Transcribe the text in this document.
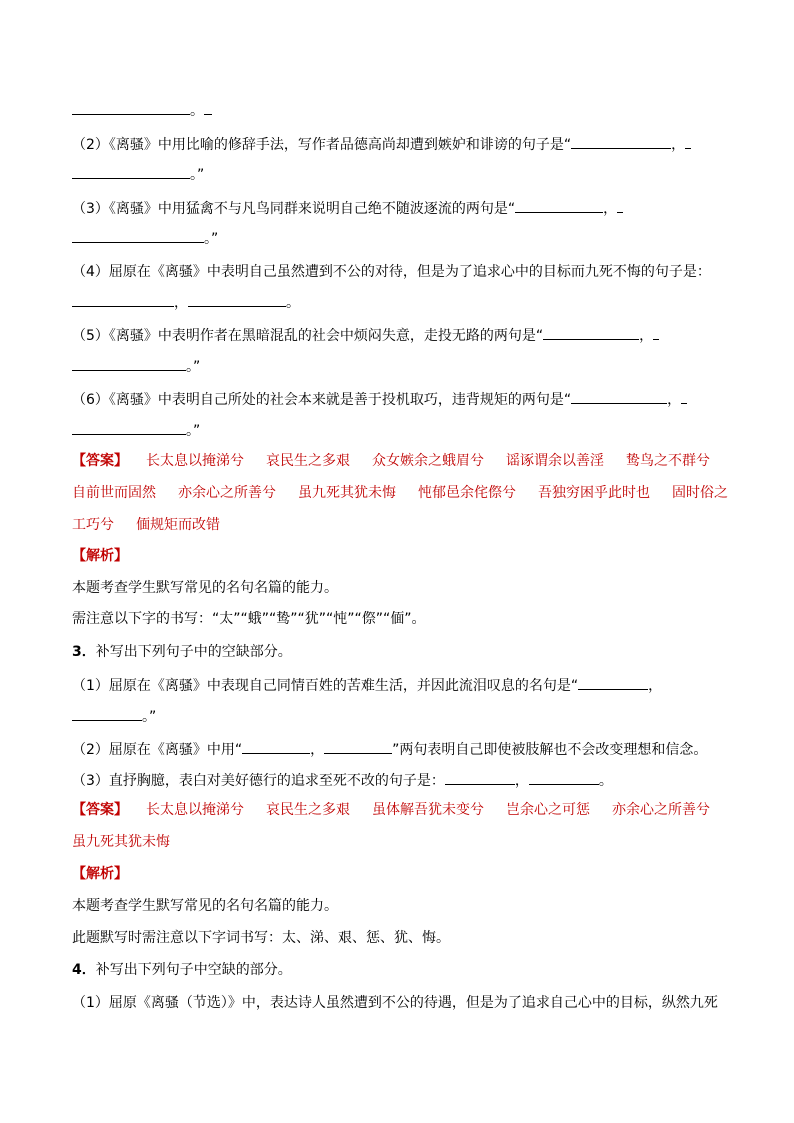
。
（2）《离骚》中用比喻的修辞手法，写作者品德高尚却遭到嫉妒和诽谤的句子是“	，
。”
（3）《离骚》中用猛禽不与凡鸟同群来说明自己绝不随波逐流的两句是“	，
。”
（4）屈原在《离骚》中表明自己虽然遭到不公的对待，但是为了追求心中的目标而九死不悔的句子是：
，	。
（5）《离骚》中表明作者在黑暗混乱的社会中烦闷失意，走投无路的两句是“	，
。”
（6）《离骚》中表明自己所处的社会本来就是善于投机取巧，违背规矩的两句是“	，
。”
【答案】 长太息以掩涕兮 哀民生之多艰 众女嫉余之蛾眉兮 谣诼谓余以善淫 鸷鸟之不群兮
自前世而固然 亦余心之所善兮 虽九死其犹未悔 忳郁邑余侘傺兮 吾独穷困乎此时也 固时俗之
工巧兮 偭规矩而改错
【解析】
本题考查学生默写常见的名句名篇的能力。
需注意以下字的书写：“太”“蛾”“鸷”“犹”“忳”“傺”“偭”。
3．补写出下列句子中的空缺部分。
（1）屈原在《离骚》中表现自己同情百姓的苦难生活，并因此流泪叹息的名句是“	，
。”
（2）屈原在《离骚》中用“	，	”两句表明自己即使被肢解也不会改变理想和信念。
（3）直抒胸臆，表白对美好德行的追求至死不改的句子是：	，	。
【答案】 长太息以掩涕兮 哀民生之多艰 虽体解吾犹未变兮 岂余心之可惩 亦余心之所善兮
虽九死其犹未悔
【解析】
本题考查学生默写常见的名句名篇的能力。
此题默写时需注意以下字词书写：太、涕、艰、惩、犹、悔。
4．补写出下列句子中空缺的部分。
（1）屈原《离骚（节选）》中，表达诗人虽然遭到不公的待遇，但是为了追求自己心中的目标，纵然九死
